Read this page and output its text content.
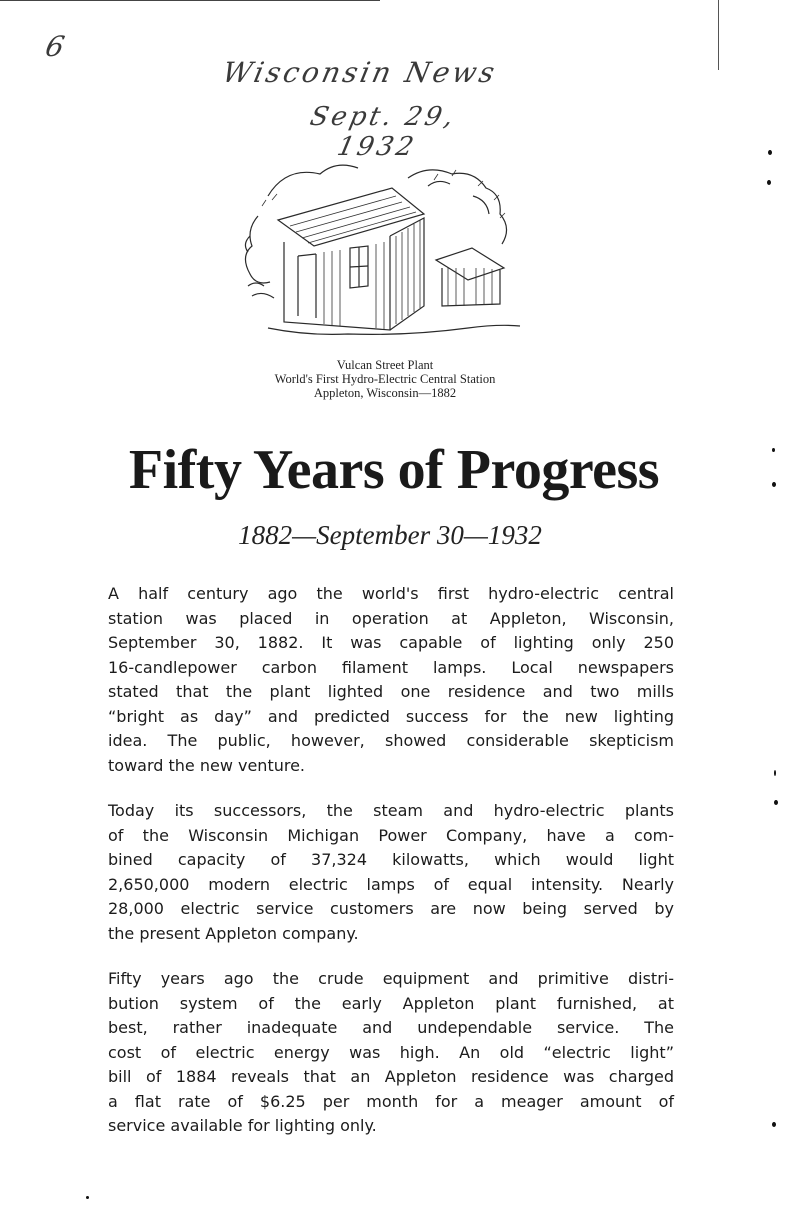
6
Wisconsin News
Sept. 29, 1932
Vulcan Street Plant
World's First Hydro-Electric Central Station
Appleton, Wisconsin—1882
Fifty Years of Progress
1882—September 30—1932

A half century ago the world's first hydro-electric central
station was placed in operation at Appleton, Wisconsin,
September 30, 1882. It was capable of lighting only 250
16-candlepower carbon filament lamps. Local newspapers
stated that the plant lighted one residence and two mills
“bright as day” and predicted success for the new lighting
idea. The public, however, showed considerable skepticism
toward the new venture.

Today its successors, the steam and hydro-electric plants
of the Wisconsin Michigan Power Company, have a com-
bined capacity of 37,324 kilowatts, which would light
2,650,000 modern electric lamps of equal intensity. Nearly
28,000 electric service customers are now being served by
the present Appleton company.

Fifty years ago the crude equipment and primitive distri-
bution system of the early Appleton plant furnished, at
best, rather inadequate and undependable service. The
cost of electric energy was high. An old “electric light”
bill of 1884 reveals that an Appleton residence was charged
a flat rate of $6.25 per month for a meager amount of
service available for lighting only.
